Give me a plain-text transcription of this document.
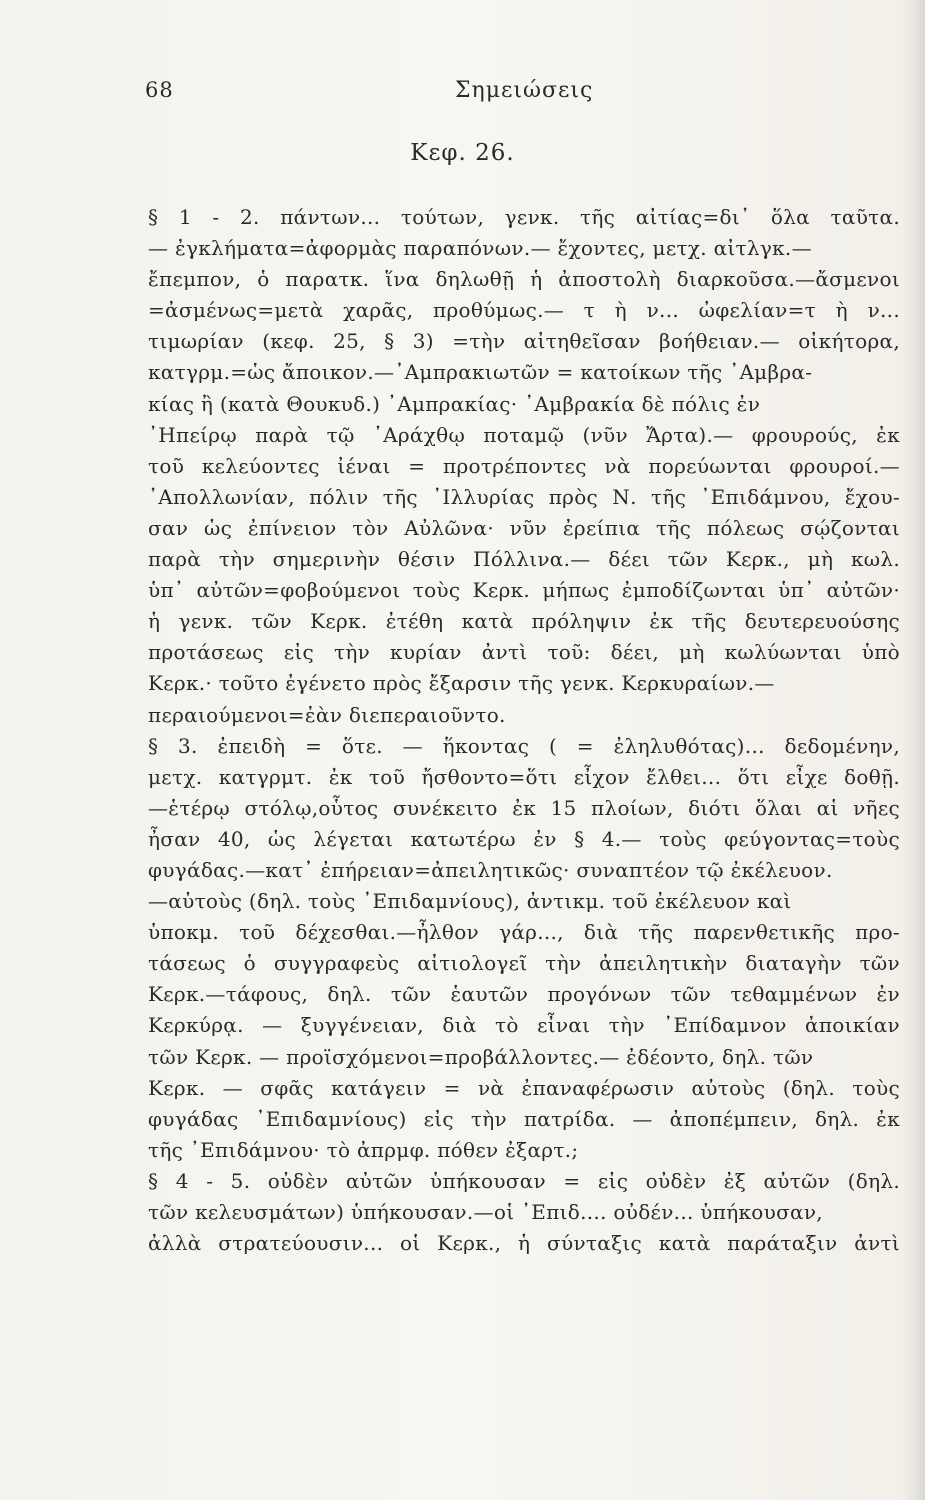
68	Σημειώσεις
Κεφ. 26.
§ 1 - 2. πάντων... τούτων, γενκ. τῆς αἰτίας=δι᾽ ὅλα ταῦτα.
— ἐγκλήματα=ἀφορμὰς παραπόνων.— ἔχοντες, μετχ. αἰτλγκ.—
ἔπεμπον, ὁ παρατκ. ἵνα δηλωθῇ ἡ ἀποστολὴ διαρκοῦσα.—ἄσμενοι
=ἀσμένως=μετὰ χαρᾶς, προθύμως.— τ ὴ ν... ὠφελίαν=τ ὴ ν...
τιμωρίαν (κεφ. 25, § 3) =τὴν αἰτηθεῖσαν βοήθειαν.— οἰκήτορα,
κατγρμ.=ὡς ἄποικον.—᾽Αμπρακιωτῶν = κατοίκων τῆς ᾽Αμβρα-
κίας ἢ (κατὰ Θουκυδ.) ᾽Αμπρακίας· ᾽Αμβρακία δὲ πόλις ἐν
᾽Ηπείρῳ παρὰ τῷ ᾽Αράχθῳ ποταμῷ (νῦν Ἄρτα).— φρουρούς, ἐκ
τοῦ κελεύοντες ἰέναι = προτρέποντες νὰ πορεύωνται φρουροί.—
᾽Απολλωνίαν, πόλιν τῆς ᾽Ιλλυρίας πρὸς Ν. τῆς ᾽Επιδάμνου, ἔχου-
σαν ὡς ἐπίνειον τὸν Αὐλῶνα· νῦν ἐρείπια τῆς πόλεως σῴζονται
παρὰ τὴν σημερινὴν θέσιν Πόλλινα.— δέει τῶν Κερκ., μὴ κωλ.
ὑπ᾽ αὐτῶν=φοβούμενοι τοὺς Κερκ. μήπως ἐμποδίζωνται ὑπ᾽ αὐτῶν·
ἡ γενκ. τῶν Κερκ. ἐτέθη κατὰ πρόληψιν ἐκ τῆς δευτερευούσης
προτάσεως εἰς τὴν κυρίαν ἀντὶ τοῦ: δέει, μὴ κωλύωνται ὑπὸ
Κερκ.· τοῦτο ἐγένετο πρὸς ἔξαρσιν τῆς γενκ. Κερκυραίων.—
περαιούμενοι=ἐὰν διεπεραιοῦντο.
§ 3. ἐπειδὴ = ὅτε. — ἥκοντας ( = ἐληλυθότας)... δεδομένην,
μετχ. κατγρμτ. ἐκ τοῦ ἤσθοντο=ὅτι εἶχον ἔλθει... ὅτι εἶχε δοθῇ.
—ἑτέρῳ στόλῳ,οὗτος συνέκειτο ἐκ 15 πλοίων, διότι ὅλαι αἱ νῆες
ἦσαν 40, ὡς λέγεται κατωτέρω ἐν § 4.— τοὺς φεύγοντας=τοὺς
φυγάδας.—κατ᾽ ἐπήρειαν=ἀπειλητικῶς· συναπτέον τῷ ἐκέλευον.
—αὐτοὺς (δηλ. τοὺς ᾽Επιδαμνίους), ἀντικμ. τοῦ ἐκέλευον καὶ
ὑποκμ. τοῦ δέχεσθαι.—ἦλθον γάρ..., διὰ τῆς παρενθετικῆς προ-
τάσεως ὁ συγγραφεὺς αἰτιολογεῖ τὴν ἀπειλητικὴν διαταγὴν τῶν
Κερκ.—τάφους, δηλ. τῶν ἑαυτῶν προγόνων τῶν τεθαμμένων ἐν
Κερκύρᾳ. — ξυγγένειαν, διὰ τὸ εἶναι τὴν ᾽Επίδαμνον ἀποικίαν
τῶν Κερκ. — προϊσχόμενοι=προβάλλοντες.— ἐδέοντο, δηλ. τῶν
Κερκ. — σφᾶς κατάγειν = νὰ ἐπαναφέρωσιν αὐτοὺς (δηλ. τοὺς
φυγάδας ᾽Επιδαμνίους) εἰς τὴν πατρίδα. — ἀποπέμπειν, δηλ. ἐκ
τῆς ᾽Επιδάμνου· τὸ ἀπρμφ. πόθεν ἐξαρτ.;
§ 4 - 5. οὐδὲν αὐτῶν ὑπήκουσαν = εἰς οὐδὲν ἐξ αὐτῶν (δηλ.
τῶν κελευσμάτων) ὑπήκουσαν.—οἱ ᾽Επιδ.... οὐδέν... ὑπήκουσαν,
ἀλλὰ στρατεύουσιν... οἱ Κερκ., ἡ σύνταξις κατὰ παράταξιν ἀντὶ
